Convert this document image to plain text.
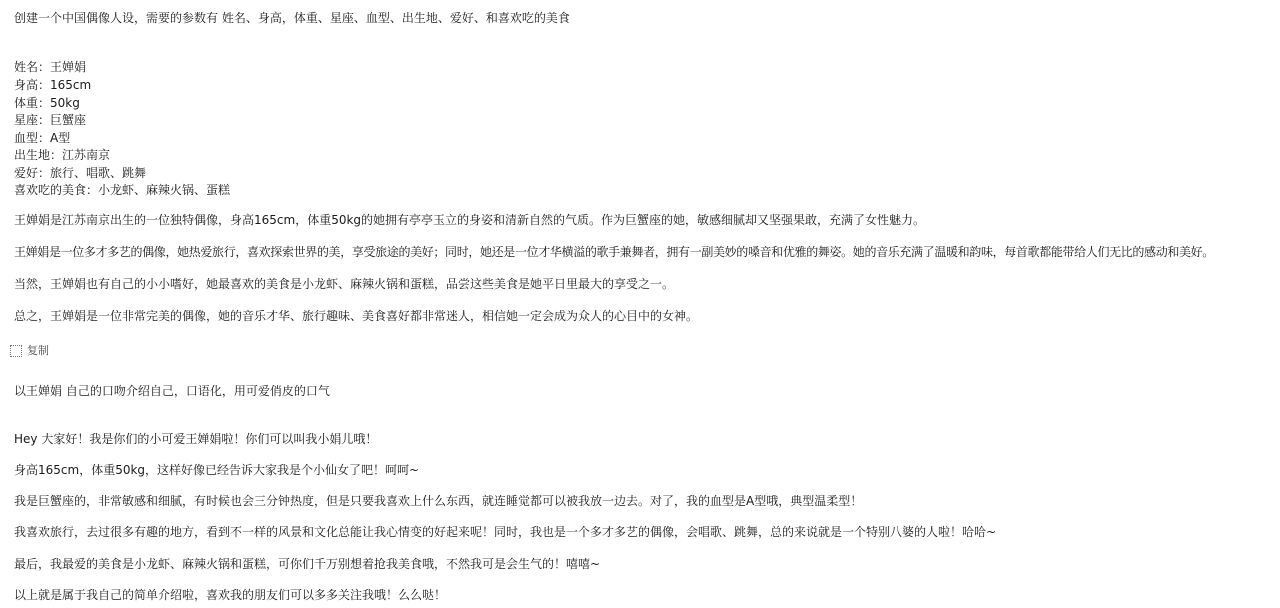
创建一个中国偶像人设，需要的参数有 姓名、身高，体重、星座、血型、出生地、爱好、和喜欢吃的美食
姓名：王婵娟
身高：165cm
体重：50kg
星座：巨蟹座
血型：A型
出生地：江苏南京
爱好：旅行、唱歌、跳舞
喜欢吃的美食：小龙虾、麻辣火锅、蛋糕
王婵娟是江苏南京出生的一位独特偶像，身高165cm，体重50kg的她拥有亭亭玉立的身姿和清新自然的气质。作为巨蟹座的她，敏感细腻却又坚强果敢，充满了女性魅力。
王婵娟是一位多才多艺的偶像，她热爱旅行，喜欢探索世界的美，享受旅途的美好；同时，她还是一位才华横溢的歌手兼舞者，拥有一副美妙的嗓音和优雅的舞姿。她的音乐充满了温暖和韵味，每首歌都能带给人们无比的感动和美好。
当然，王婵娟也有自己的小小嗜好，她最喜欢的美食是小龙虾、麻辣火锅和蛋糕，品尝这些美食是她平日里最大的享受之一。
总之，王婵娟是一位非常完美的偶像，她的音乐才华、旅行趣味、美食喜好都非常迷人，相信她一定会成为众人的心目中的女神。
复制
以王婵娟 自己的口吻介绍自己，口语化，用可爱俏皮的口气
Hey 大家好！我是你们的小可爱王婵娟啦！你们可以叫我小娟儿哦！
身高165cm，体重50kg，这样好像已经告诉大家我是个小仙女了吧！呵呵~
我是巨蟹座的，非常敏感和细腻，有时候也会三分钟热度，但是只要我喜欢上什么东西，就连睡觉都可以被我放一边去。对了，我的血型是A型哦，典型温柔型！
我喜欢旅行，去过很多有趣的地方，看到不一样的风景和文化总能让我心情变的好起来呢！同时，我也是一个多才多艺的偶像，会唱歌、跳舞，总的来说就是一个特别八婆的人啦！哈哈~
最后，我最爱的美食是小龙虾、麻辣火锅和蛋糕，可你们千万别想着抢我美食哦，不然我可是会生气的！嘻嘻~
以上就是属于我自己的简单介绍啦，喜欢我的朋友们可以多多关注我哦！么么哒！
